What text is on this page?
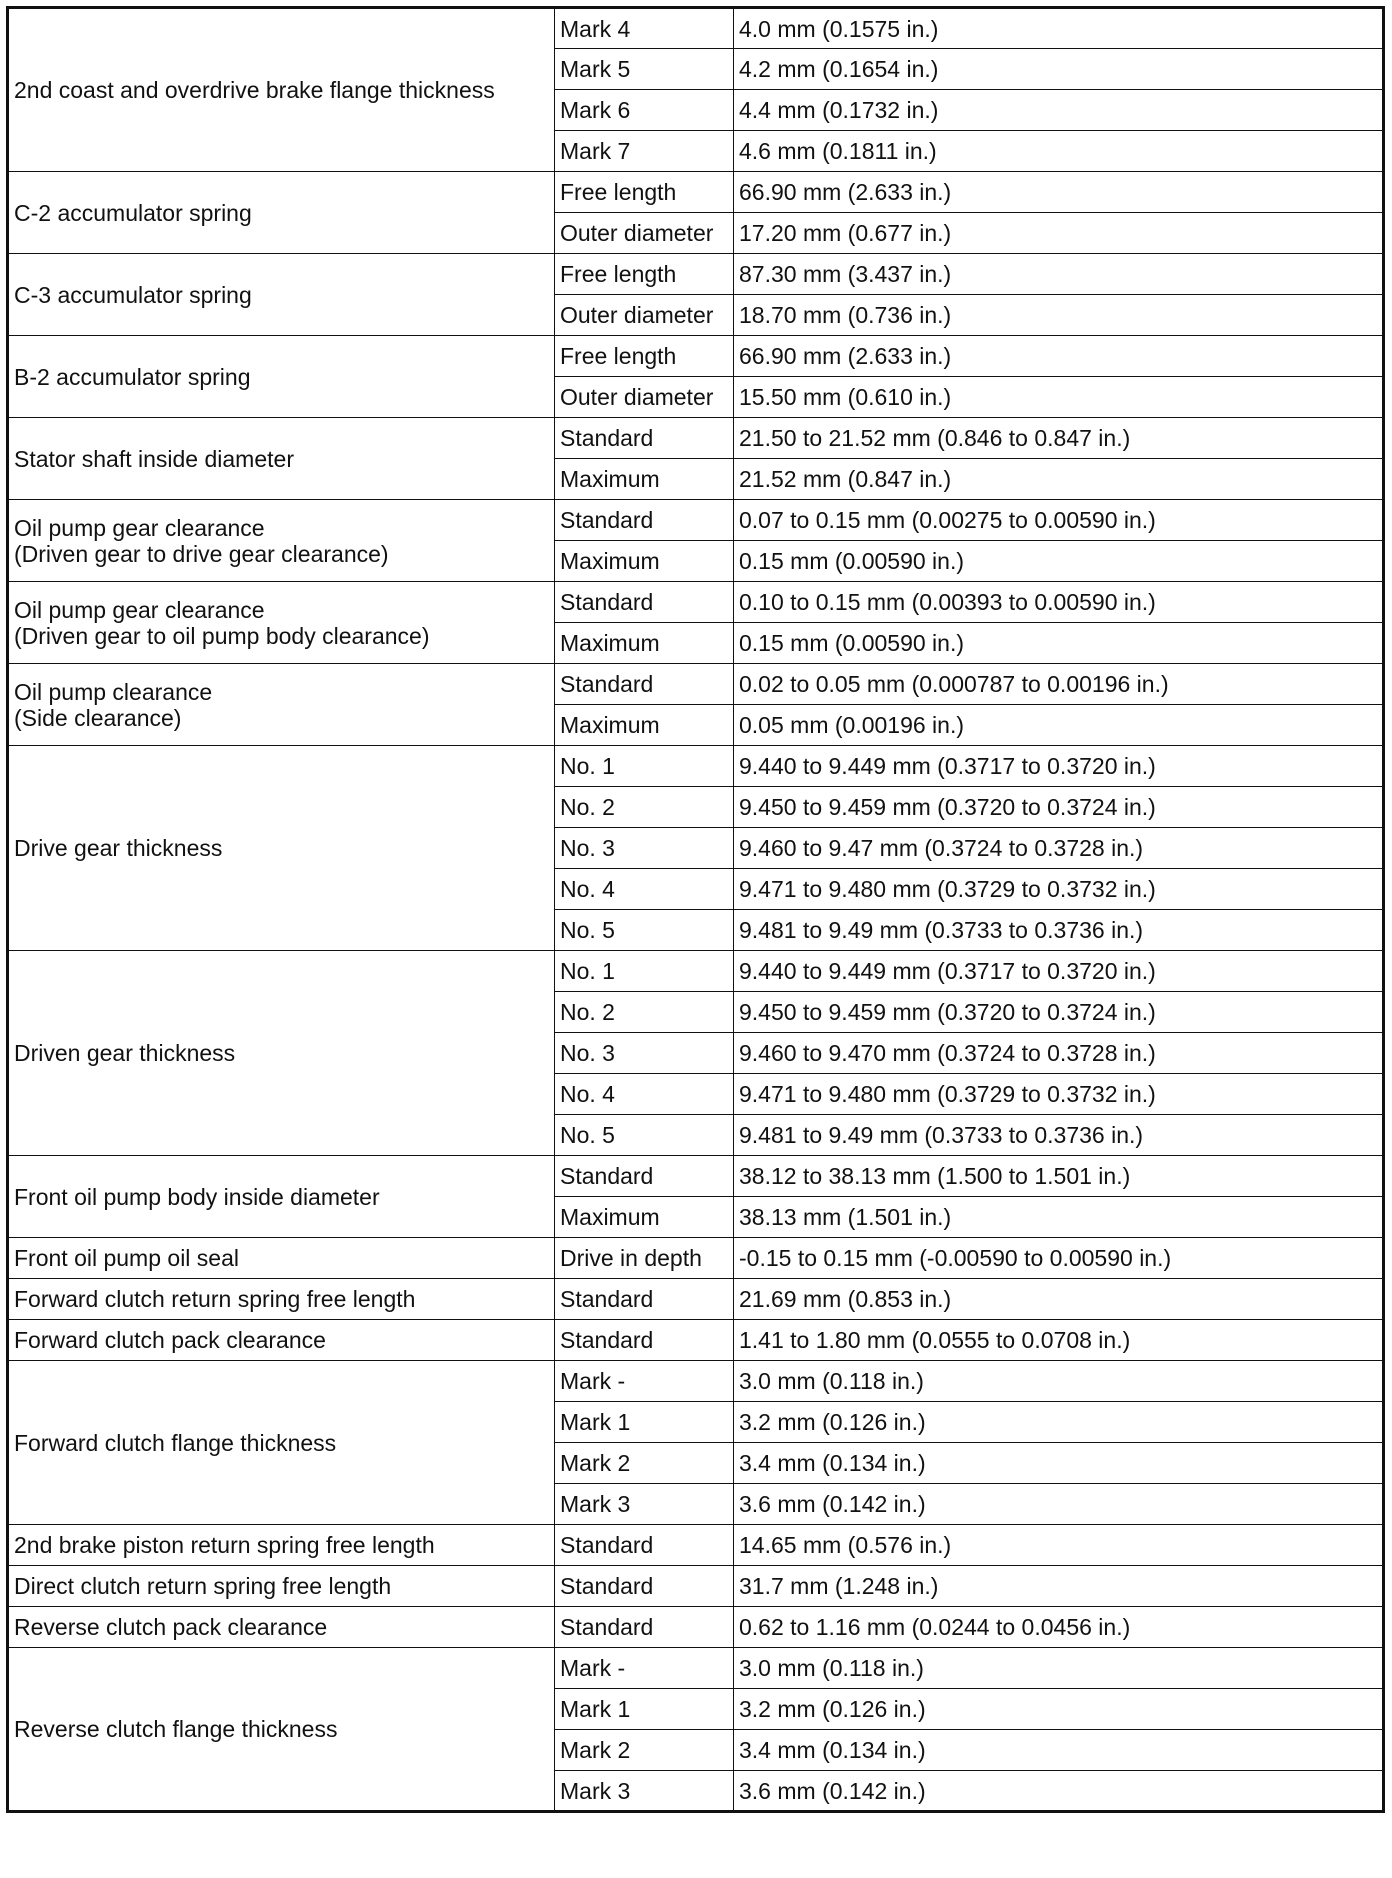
2nd coast and overdrive brake flange thickness	Mark 4	4.0 mm (0.1575 in.)
	Mark 5	4.2 mm (0.1654 in.)
	Mark 6	4.4 mm (0.1732 in.)
	Mark 7	4.6 mm (0.1811 in.)
C-2 accumulator spring	Free length	66.90 mm (2.633 in.)
	Outer diameter	17.20 mm (0.677 in.)
C-3 accumulator spring	Free length	87.30 mm (3.437 in.)
	Outer diameter	18.70 mm (0.736 in.)
B-2 accumulator spring	Free length	66.90 mm (2.633 in.)
	Outer diameter	15.50 mm (0.610 in.)
Stator shaft inside diameter	Standard	21.50 to 21.52 mm (0.846 to 0.847 in.)
	Maximum	21.52 mm (0.847 in.)
Oil pump gear clearance
(Driven gear to drive gear clearance)	Standard	0.07 to 0.15 mm (0.00275 to 0.00590 in.)
	Maximum	0.15 mm (0.00590 in.)
Oil pump gear clearance
(Driven gear to oil pump body clearance)	Standard	0.10 to 0.15 mm (0.00393 to 0.00590 in.)
	Maximum	0.15 mm (0.00590 in.)
Oil pump clearance
(Side clearance)	Standard	0.02 to 0.05 mm (0.000787 to 0.00196 in.)
	Maximum	0.05 mm (0.00196 in.)
Drive gear thickness	No. 1	9.440 to 9.449 mm (0.3717 to 0.3720 in.)
	No. 2	9.450 to 9.459 mm (0.3720 to 0.3724 in.)
	No. 3	9.460 to 9.47 mm (0.3724 to 0.3728 in.)
	No. 4	9.471 to 9.480 mm (0.3729 to 0.3732 in.)
	No. 5	9.481 to 9.49 mm (0.3733 to 0.3736 in.)
Driven gear thickness	No. 1	9.440 to 9.449 mm (0.3717 to 0.3720 in.)
	No. 2	9.450 to 9.459 mm (0.3720 to 0.3724 in.)
	No. 3	9.460 to 9.470 mm (0.3724 to 0.3728 in.)
	No. 4	9.471 to 9.480 mm (0.3729 to 0.3732 in.)
	No. 5	9.481 to 9.49 mm (0.3733 to 0.3736 in.)
Front oil pump body inside diameter	Standard	38.12 to 38.13 mm (1.500 to 1.501 in.)
	Maximum	38.13 mm (1.501 in.)
Front oil pump oil seal	Drive in depth	-0.15 to 0.15 mm (-0.00590 to 0.00590 in.)
Forward clutch return spring free length	Standard	21.69 mm (0.853 in.)
Forward clutch pack clearance	Standard	1.41 to 1.80 mm (0.0555 to 0.0708 in.)
Forward clutch flange thickness	Mark -	3.0 mm (0.118 in.)
	Mark 1	3.2 mm (0.126 in.)
	Mark 2	3.4 mm (0.134 in.)
	Mark 3	3.6 mm (0.142 in.)
2nd brake piston return spring free length	Standard	14.65 mm (0.576 in.)
Direct clutch return spring free length	Standard	31.7 mm (1.248 in.)
Reverse clutch pack clearance	Standard	0.62 to 1.16 mm (0.0244 to 0.0456 in.)
Reverse clutch flange thickness	Mark -	3.0 mm (0.118 in.)
	Mark 1	3.2 mm (0.126 in.)
	Mark 2	3.4 mm (0.134 in.)
	Mark 3	3.6 mm (0.142 in.)
